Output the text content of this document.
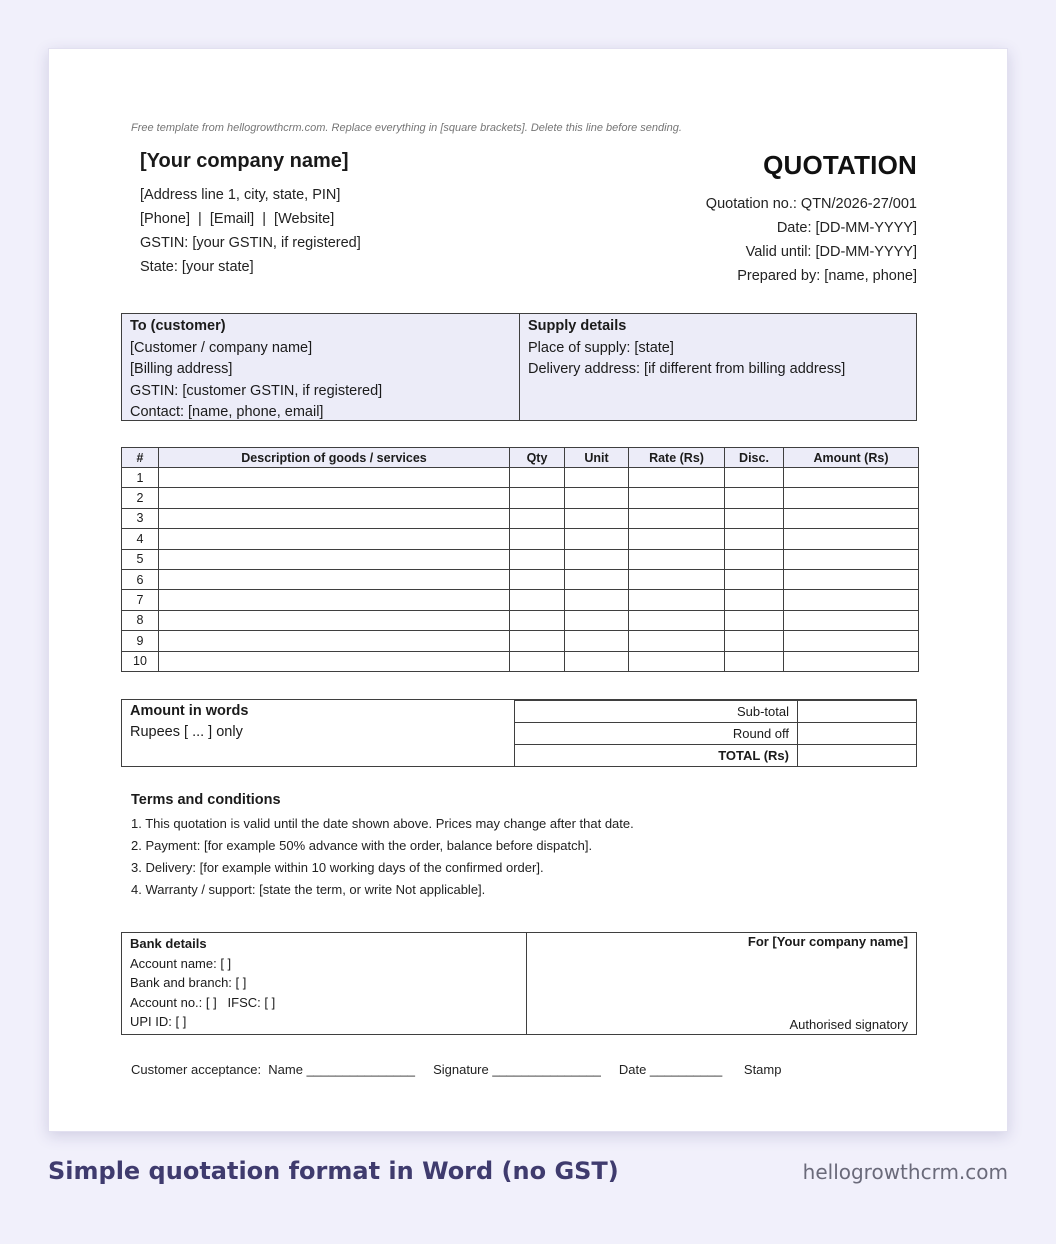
Free template from hellogrowthcrm.com. Replace everything in [square brackets]. Delete this line before sending.
[Your company name]
[Address line 1, city, state, PIN]
[Phone]  |  [Email]  |  [Website]
GSTIN: [your GSTIN, if registered]
State: [your state]
QUOTATION
Quotation no.: QTN/2026-27/001
Date: [DD-MM-YYYY]
Valid until: [DD-MM-YYYY]
Prepared by: [name, phone]
To (customer)
[Customer / company name]
[Billing address]
GSTIN: [customer GSTIN, if registered]
Contact: [name, phone, email]
Supply details
Place of supply: [state]
Delivery address: [if different from billing address]
#	Description of goods / services	Qty	Unit	Rate (Rs)	Disc.	Amount (Rs)
1						
2						
3						
4						
5						
6						
7						
8						
9						
10						
Amount in words
Rupees [ ... ] only
Sub-total	
Round off	
TOTAL (Rs)	
Terms and conditions
1. This quotation is valid until the date shown above. Prices may change after that date.
2. Payment: [for example 50% advance with the order, balance before dispatch].
3. Delivery: [for example within 10 working days of the confirmed order].
4. Warranty / support: [state the term, or write Not applicable].
Bank details
Account name: [ ]
Bank and branch: [ ]
Account no.: [ ]   IFSC: [ ]
UPI ID: [ ]
For [Your company name]
Authorised signatory
Customer acceptance:  Name _______________     Signature _______________     Date __________      Stamp
Simple quotation format in Word (no GST)	hellogrowthcrm.com
